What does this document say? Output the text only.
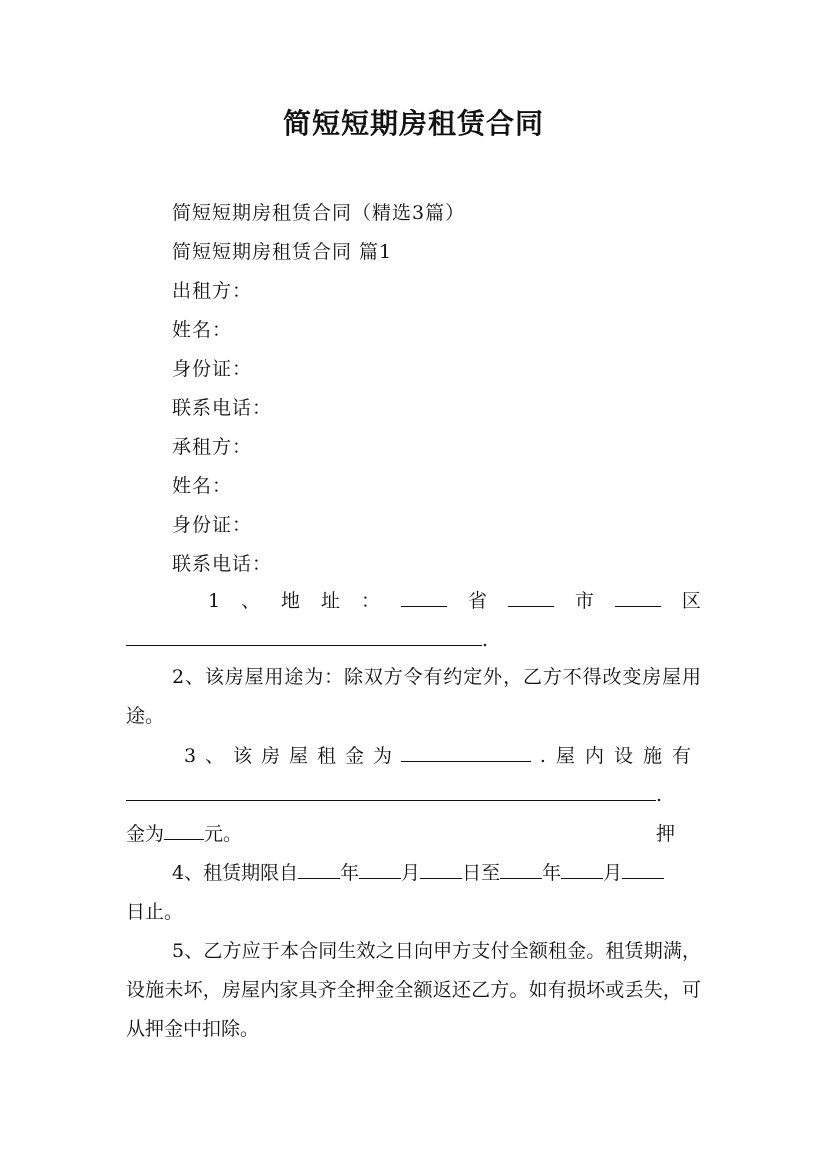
简短短期房租赁合同
简短短期房租赁合同（精选3篇）
简短短期房租赁合同 篇1
出租方：
姓名：
身份证：
联系电话：
承租方：
姓名：
身份证：
联系电话：
1 、 地 址 ：	省	市	区
.
2、该房屋用途为：除双方令有约定外，乙方不得改变房屋用途。
3 、 该 房 屋 租 金 为	.屋内设施有
.押
金为 元。
4、租赁期限自 年 月 日至 年 月
日止。
5、乙方应于本合同生效之日向甲方支付全额租金。租赁期满，设施未坏，房屋内家具齐全押金全额返还乙方。如有损坏或丢失，可从押金中扣除。
